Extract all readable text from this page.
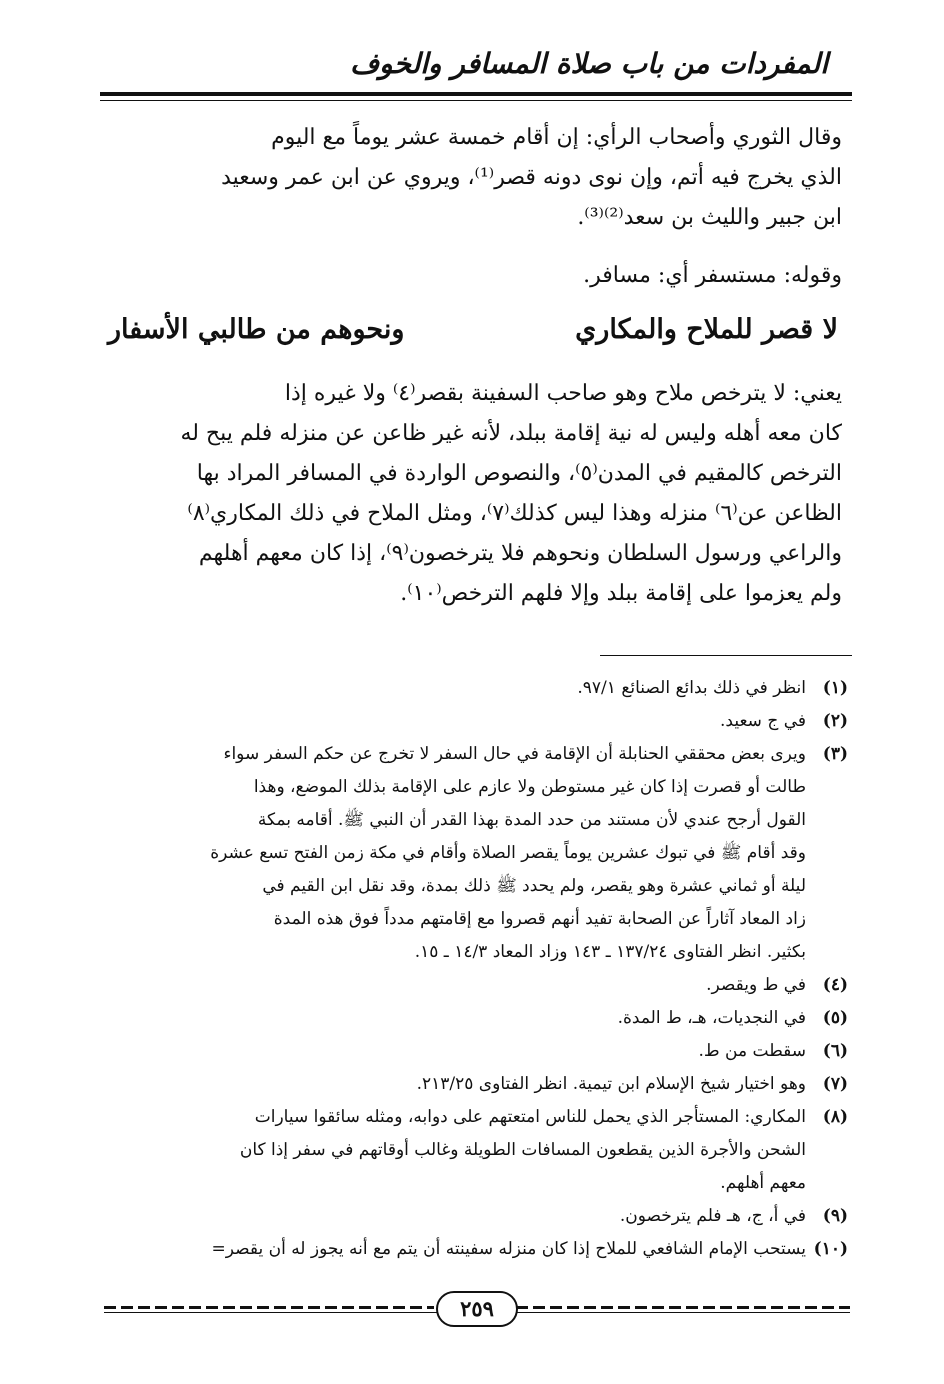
المفردات من باب صلاة المسافر والخوف
وقال الثوري وأصحاب الرأي: إن أقام خمسة عشر يوماً مع اليوم
الذي يخرج فيه أتم، وإن نوى دونه قصر⁽¹⁾، ويروي عن ابن عمر وسعيد
ابن جبير والليث بن سعد⁽²⁾⁽³⁾.
وقوله: مستسفر أي: مسافر.
لا قصر للملاح والمكاري
ونحوهم من طالبي الأسفار
يعني: لا يترخص ملاح وهو صاحب السفينة بقصر⁽٤⁾ ولا غيره إذا
كان معه أهله وليس له نية إقامة ببلد، لأنه غير ظاعن عن منزله فلم يبح له
الترخص كالمقيم في المدن⁽٥⁾، والنصوص الواردة في المسافر المراد بها
الظاعن عن⁽٦⁾ منزله وهذا ليس كذلك⁽٧⁾، ومثل الملاح في ذلك المكاري⁽٨⁾
والراعي ورسول السلطان ونحوهم فلا يترخصون⁽٩⁾، إذا كان معهم أهلهم
ولم يعزموا على إقامة ببلد وإلا فلهم الترخص⁽١٠⁾.
(١)
انظر في ذلك بدائع الصنائع ٩٧/١.
(٢)
في ج سعيد.
(٣)
ويرى بعض محققي الحنابلة أن الإقامة في حال السفر لا تخرج عن حكم السفر سواء
طالت أو قصرت إذا كان غير مستوطن ولا عازم على الإقامة بذلك الموضع، وهذا
القول أرجح عندي لأن مستند من حدد المدة بهذا القدر أن النبي ﷺ. أقامه بمكة
وقد أقام ﷺ في تبوك عشرين يوماً يقصر الصلاة وأقام في مكة زمن الفتح تسع عشرة
ليلة أو ثماني عشرة وهو يقصر، ولم يحدد ﷺ ذلك بمدة، وقد نقل ابن القيم في
زاد المعاد آثاراً عن الصحابة تفيد أنهم قصروا مع إقامتهم مدداً فوق هذه المدة
بكثير. انظر الفتاوى ١٣٧/٢٤ ـ ١٤٣ وزاد المعاد ١٤/٣ ـ ١٥.
(٤)
في ط ويقصر.
(٥)
في النجديات، هـ، ط المدة.
(٦)
سقطت من ط.
(٧)
وهو اختيار شيخ الإسلام ابن تيمية. انظر الفتاوى ٢١٣/٢٥.
(٨)
المكاري: المستأجر الذي يحمل للناس امتعتهم على دوابه، ومثله سائقوا سيارات
الشحن والأجرة الذين يقطعون المسافات الطويلة وغالب أوقاتهم في سفر إذا كان
معهم أهلهم.
(٩)
في أ، ج، هـ فلم يترخصون.
(١٠)
يستحب الإمام الشافعي للملاح إذا كان منزله سفينته أن يتم مع أنه يجوز له أن يقصر=
٢٥٩
